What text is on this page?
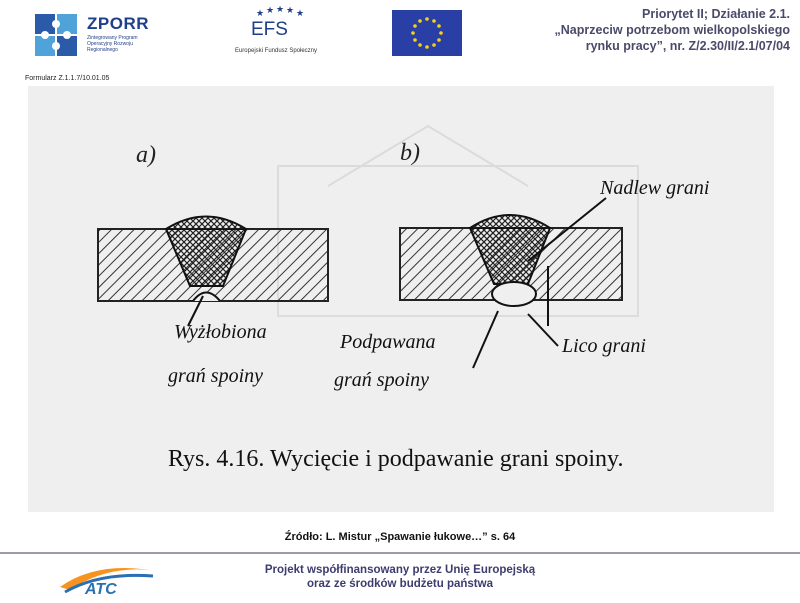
ZPORR
Zintegrowany Program Operacyjny Rozwoju Regionalnego
★ ★ ★ ★ ★
EFS
Europejski Fundusz Społeczny
Priorytet II; Działanie 2.1.
„Naprzeciw potrzebom wielkopolskiego
rynku pracy”, nr. Z/2.30/II/2.1/07/04
Formularz Z.1.1.7/10.01.05
a)
Wyżłobiona
grań spoiny
b)
Nadlew grani
Lico grani
Podpawana
grań spoiny
Rys. 4.16. Wycięcie i podpawanie grani spoiny.
Źródło: L. Mistur „Spawanie łukowe…” s. 64
ATC
Projekt współfinansowany przez Unię Europejską
oraz ze środków budżetu państwa
